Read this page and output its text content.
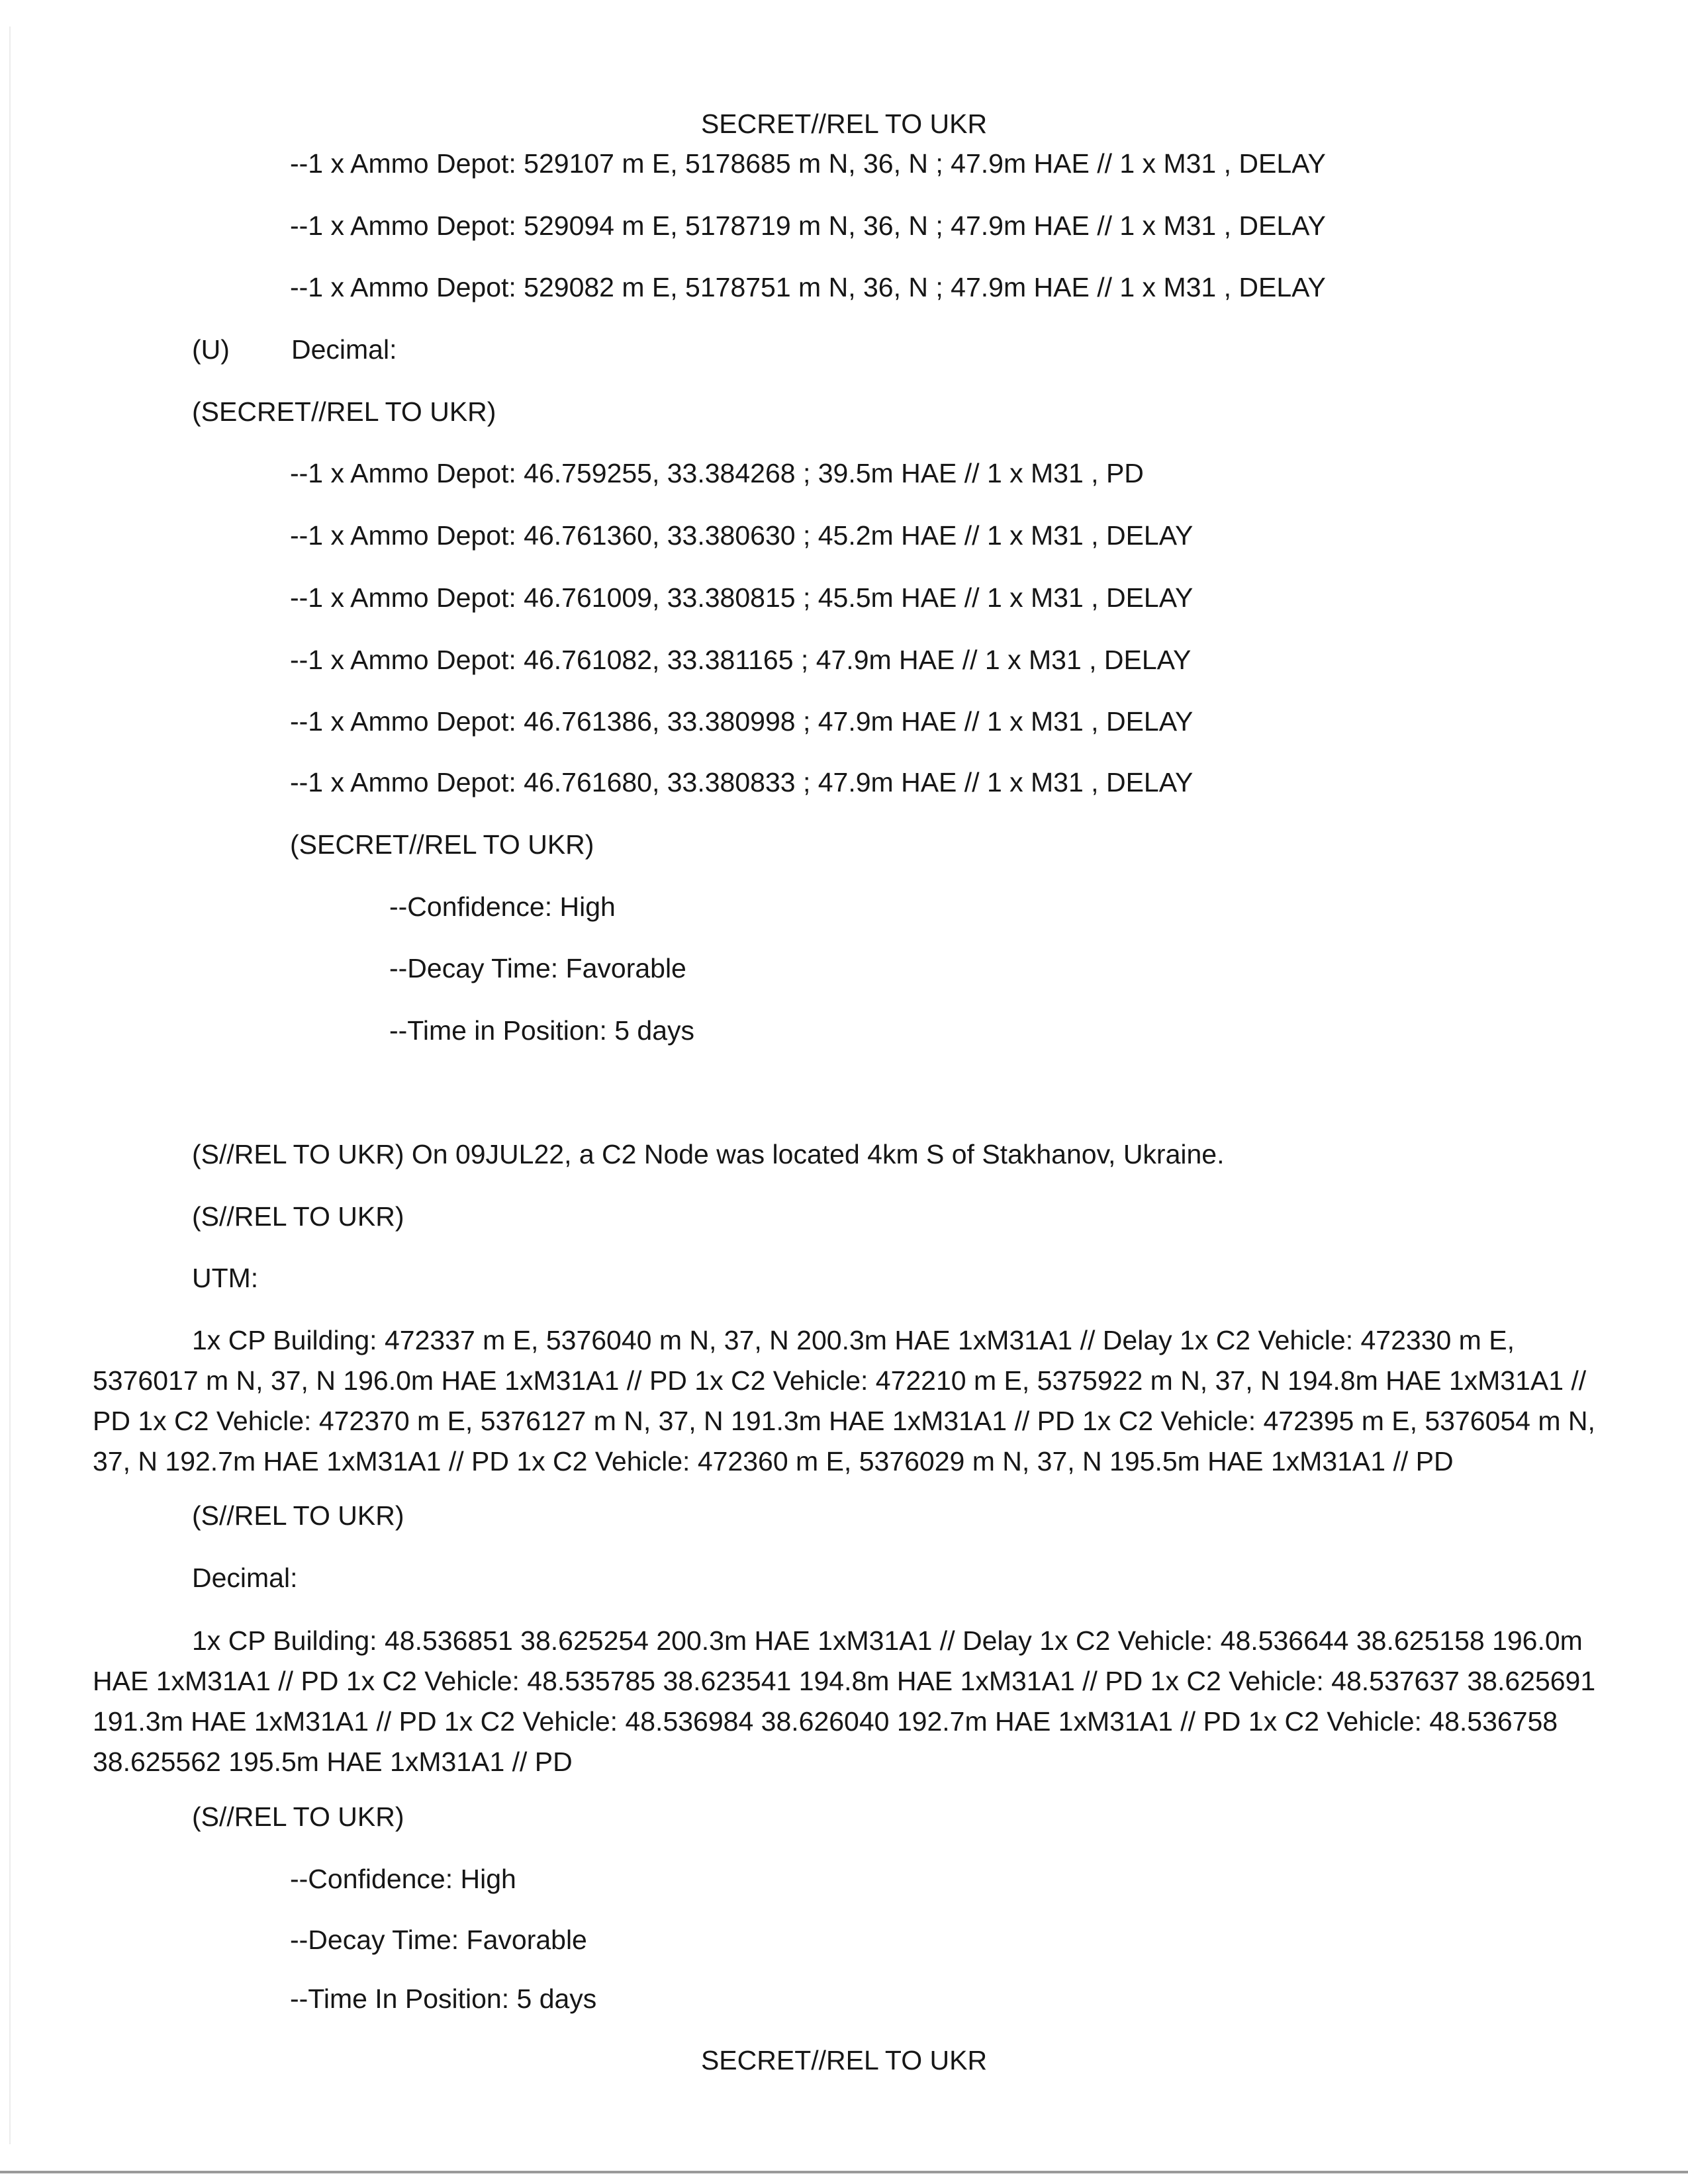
SECRET//REL TO UKR
--1 x Ammo Depot: 529107 m E, 5178685 m N, 36, N ; 47.9m HAE // 1 x M31 , DELAY
--1 x Ammo Depot: 529094 m E, 5178719 m N, 36, N ; 47.9m HAE // 1 x M31 , DELAY
--1 x Ammo Depot: 529082 m E, 5178751 m N, 36, N ; 47.9m HAE // 1 x M31 , DELAY
(U) Decimal:
(SECRET//REL TO UKR)
--1 x Ammo Depot: 46.759255, 33.384268 ; 39.5m HAE // 1 x M31 , PD
--1 x Ammo Depot: 46.761360, 33.380630 ; 45.2m HAE // 1 x M31 , DELAY
--1 x Ammo Depot: 46.761009, 33.380815 ; 45.5m HAE // 1 x M31 , DELAY
--1 x Ammo Depot: 46.761082, 33.381165 ; 47.9m HAE // 1 x M31 , DELAY
--1 x Ammo Depot: 46.761386, 33.380998 ; 47.9m HAE // 1 x M31 , DELAY
--1 x Ammo Depot: 46.761680, 33.380833 ; 47.9m HAE // 1 x M31 , DELAY
(SECRET//REL TO UKR)
--Confidence: High
--Decay Time: Favorable
--Time in Position: 5 days
(S//REL TO UKR) On 09JUL22, a C2 Node was located 4km S of Stakhanov, Ukraine.
(S//REL TO UKR)
UTM:
1x CP Building: 472337 m E, 5376040 m N, 37, N 200.3m HAE 1xM31A1 // Delay 1x C2 Vehicle: 472330 m E, 5376017 m N, 37, N 196.0m HAE 1xM31A1 // PD 1x C2 Vehicle: 472210 m E, 5375922 m N, 37, N 194.8m HAE 1xM31A1 // PD 1x C2 Vehicle: 472370 m E, 5376127 m N, 37, N 191.3m HAE 1xM31A1 // PD 1x C2 Vehicle: 472395 m E, 5376054 m N, 37, N 192.7m HAE 1xM31A1 // PD 1x C2 Vehicle: 472360 m E, 5376029 m N, 37, N 195.5m HAE 1xM31A1 // PD
(S//REL TO UKR)
Decimal:
1x CP Building: 48.536851 38.625254 200.3m HAE 1xM31A1 // Delay 1x C2 Vehicle: 48.536644 38.625158 196.0m HAE 1xM31A1 // PD 1x C2 Vehicle: 48.535785 38.623541 194.8m HAE 1xM31A1 // PD 1x C2 Vehicle: 48.537637 38.625691 191.3m HAE 1xM31A1 // PD 1x C2 Vehicle: 48.536984 38.626040 192.7m HAE 1xM31A1 // PD 1x C2 Vehicle: 48.536758 38.625562 195.5m HAE 1xM31A1 // PD
(S//REL TO UKR)
--Confidence: High
--Decay Time: Favorable
--Time In Position: 5 days
SECRET//REL TO UKR
